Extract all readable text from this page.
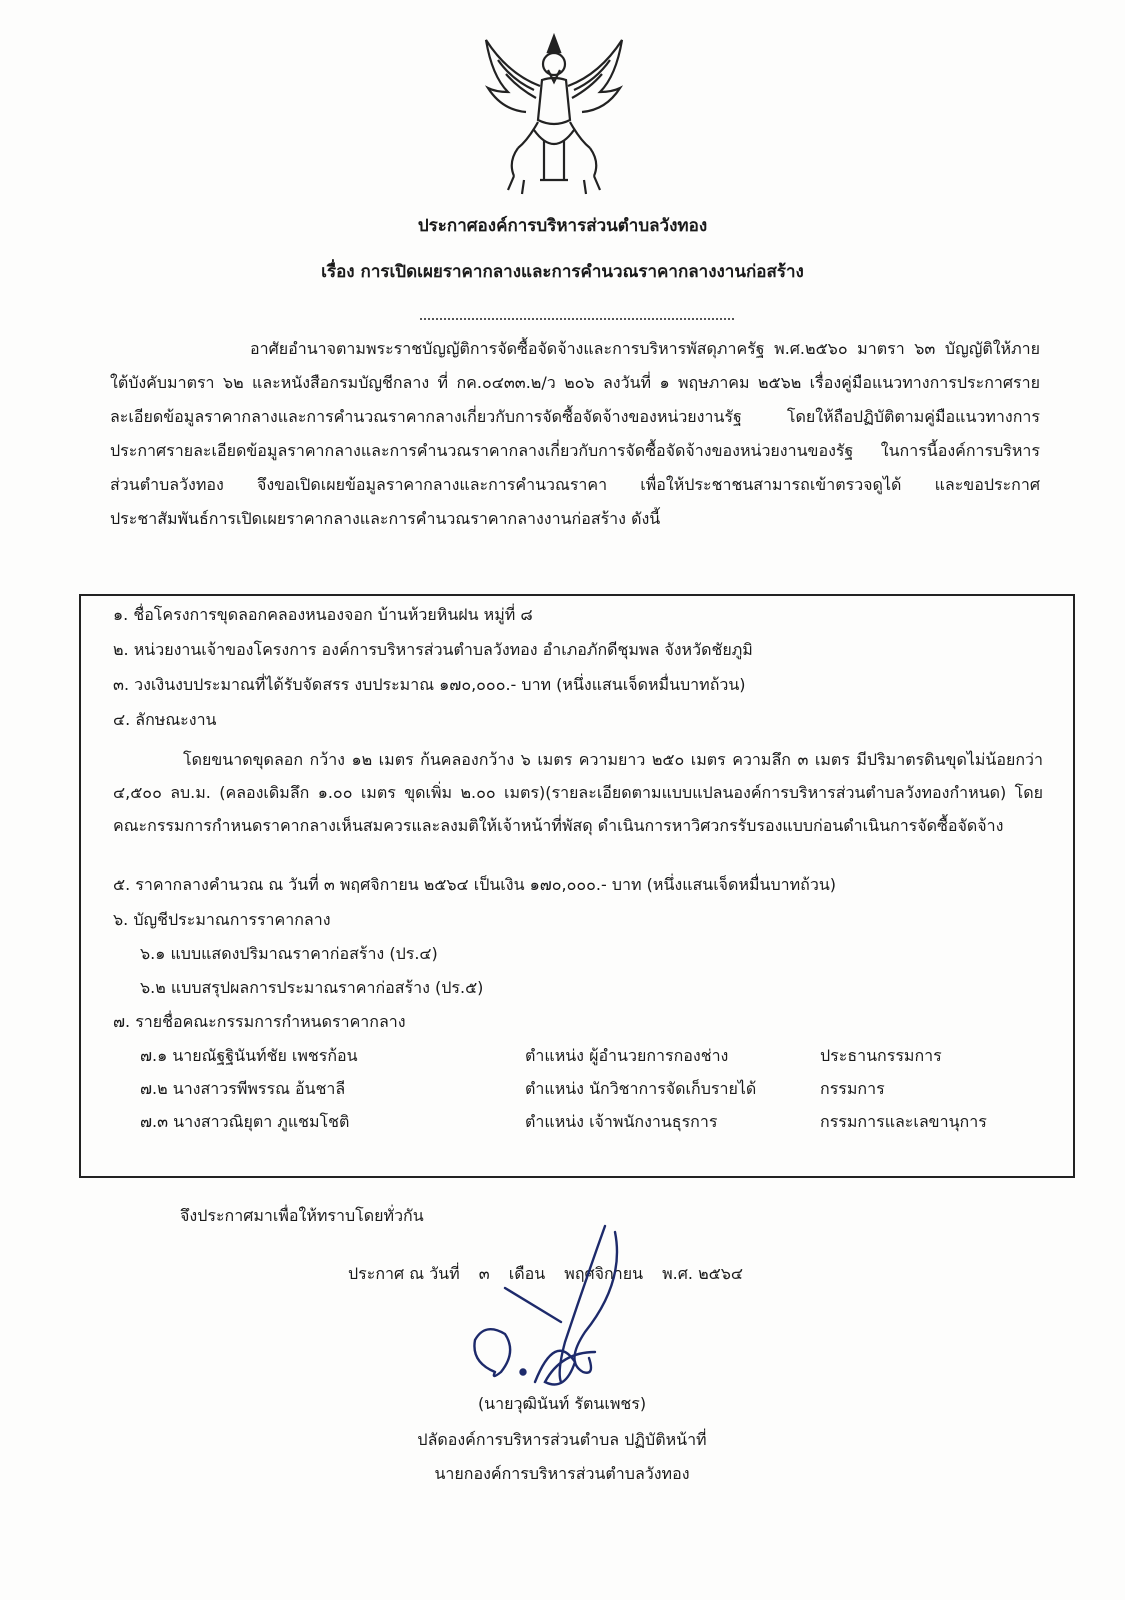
ประกาศองค์การบริหารส่วนตำบลวังทอง
เรื่อง การเปิดเผยราคากลางและการคำนวณราคากลางงานก่อสร้าง

อาศัยอำนาจตามพระราชบัญญัติการจัดซื้อจัดจ้างและการบริหารพัสดุภาครัฐ พ.ศ.๒๕๖๐ มาตรา ๖๓ บัญญัติให้ภายใต้บังคับมาตรา ๖๒ และหนังสือกรมบัญชีกลาง ที่ กค.๐๔๓๓.๒/ว ๒๐๖ ลงวันที่ ๑ พฤษภาคม ๒๕๖๒ เรื่องคู่มือแนวทางการประกาศรายละเอียดข้อมูลราคากลางและการคำนวณราคากลางเกี่ยวกับการจัดซื้อจัดจ้างของหน่วยงานรัฐ โดยให้ถือปฏิบัติตามคู่มือแนวทางการประกาศรายละเอียดข้อมูลราคากลางและการคำนวณราคากลางเกี่ยวกับการจัดซื้อจัดจ้างของหน่วยงานของรัฐ ในการนี้องค์การบริหารส่วนตำบลวังทอง จึงขอเปิดเผยข้อมูลราคากลางและการคำนวณราคา เพื่อให้ประชาชนสามารถเข้าตรวจดูได้ และขอประกาศประชาสัมพันธ์การเปิดเผยราคากลางและการคำนวณราคากลางงานก่อสร้าง ดังนี้

๑. ชื่อโครงการขุดลอกคลองหนองจอก บ้านห้วยหินฝน หมู่ที่ ๘
๒. หน่วยงานเจ้าของโครงการ องค์การบริหารส่วนตำบลวังทอง อำเภอภักดีชุมพล จังหวัดชัยภูมิ
๓. วงเงินงบประมาณที่ได้รับจัดสรร งบประมาณ ๑๗๐,๐๐๐.- บาท (หนึ่งแสนเจ็ดหมื่นบาทถ้วน)
๔. ลักษณะงาน

โดยขนาดขุดลอก กว้าง ๑๒ เมตร ก้นคลองกว้าง ๖ เมตร ความยาว ๒๕๐ เมตร ความลึก ๓ เมตร มีปริมาตรดินขุดไม่น้อยกว่า ๔,๕๐๐ ลบ.ม. (คลองเดิมลึก ๑.๐๐ เมตร ขุดเพิ่ม ๒.๐๐ เมตร)(รายละเอียดตามแบบแปลนองค์การบริหารส่วนตำบลวังทองกำหนด) โดยคณะกรรมการกำหนดราคากลางเห็นสมควรและลงมติให้เจ้าหน้าที่พัสดุ ดำเนินการหาวิศวกรรับรองแบบก่อนดำเนินการจัดซื้อจัดจ้าง

๕. ราคากลางคำนวณ ณ วันที่ ๓ พฤศจิกายน ๒๕๖๔ เป็นเงิน ๑๗๐,๐๐๐.- บาท (หนึ่งแสนเจ็ดหมื่นบาทถ้วน)
๖. บัญชีประมาณการราคากลาง
๖.๑ แบบแสดงปริมาณราคาก่อสร้าง (ปร.๔)
๖.๒ แบบสรุปผลการประมาณราคาก่อสร้าง (ปร.๕)
๗. รายชื่อคณะกรรมการกำหนดราคากลาง
๗.๑ นายณัฐฐินันท์ชัย เพชรก้อน	ตำแหน่ง ผู้อำนวยการกองช่าง	ประธานกรรมการ
๗.๒ นางสาวรพีพรรณ อ้นชาลี	ตำแหน่ง นักวิชาการจัดเก็บรายได้	กรรมการ
๗.๓ นางสาวณิยุตา ภูแชมโชติ	ตำแหน่ง เจ้าพนักงานธุรการ	กรรมการและเลขานุการ
จึงประกาศมาเพื่อให้ทราบโดยทั่วกัน
ประกาศ ณ วันที่ ๓ เดือน พฤศจิกายน พ.ศ. ๒๕๖๔
(นายวุฒินันท์ รัตนเพชร)
ปลัดองค์การบริหารส่วนตำบล ปฏิบัติหน้าที่
นายกองค์การบริหารส่วนตำบลวังทอง
